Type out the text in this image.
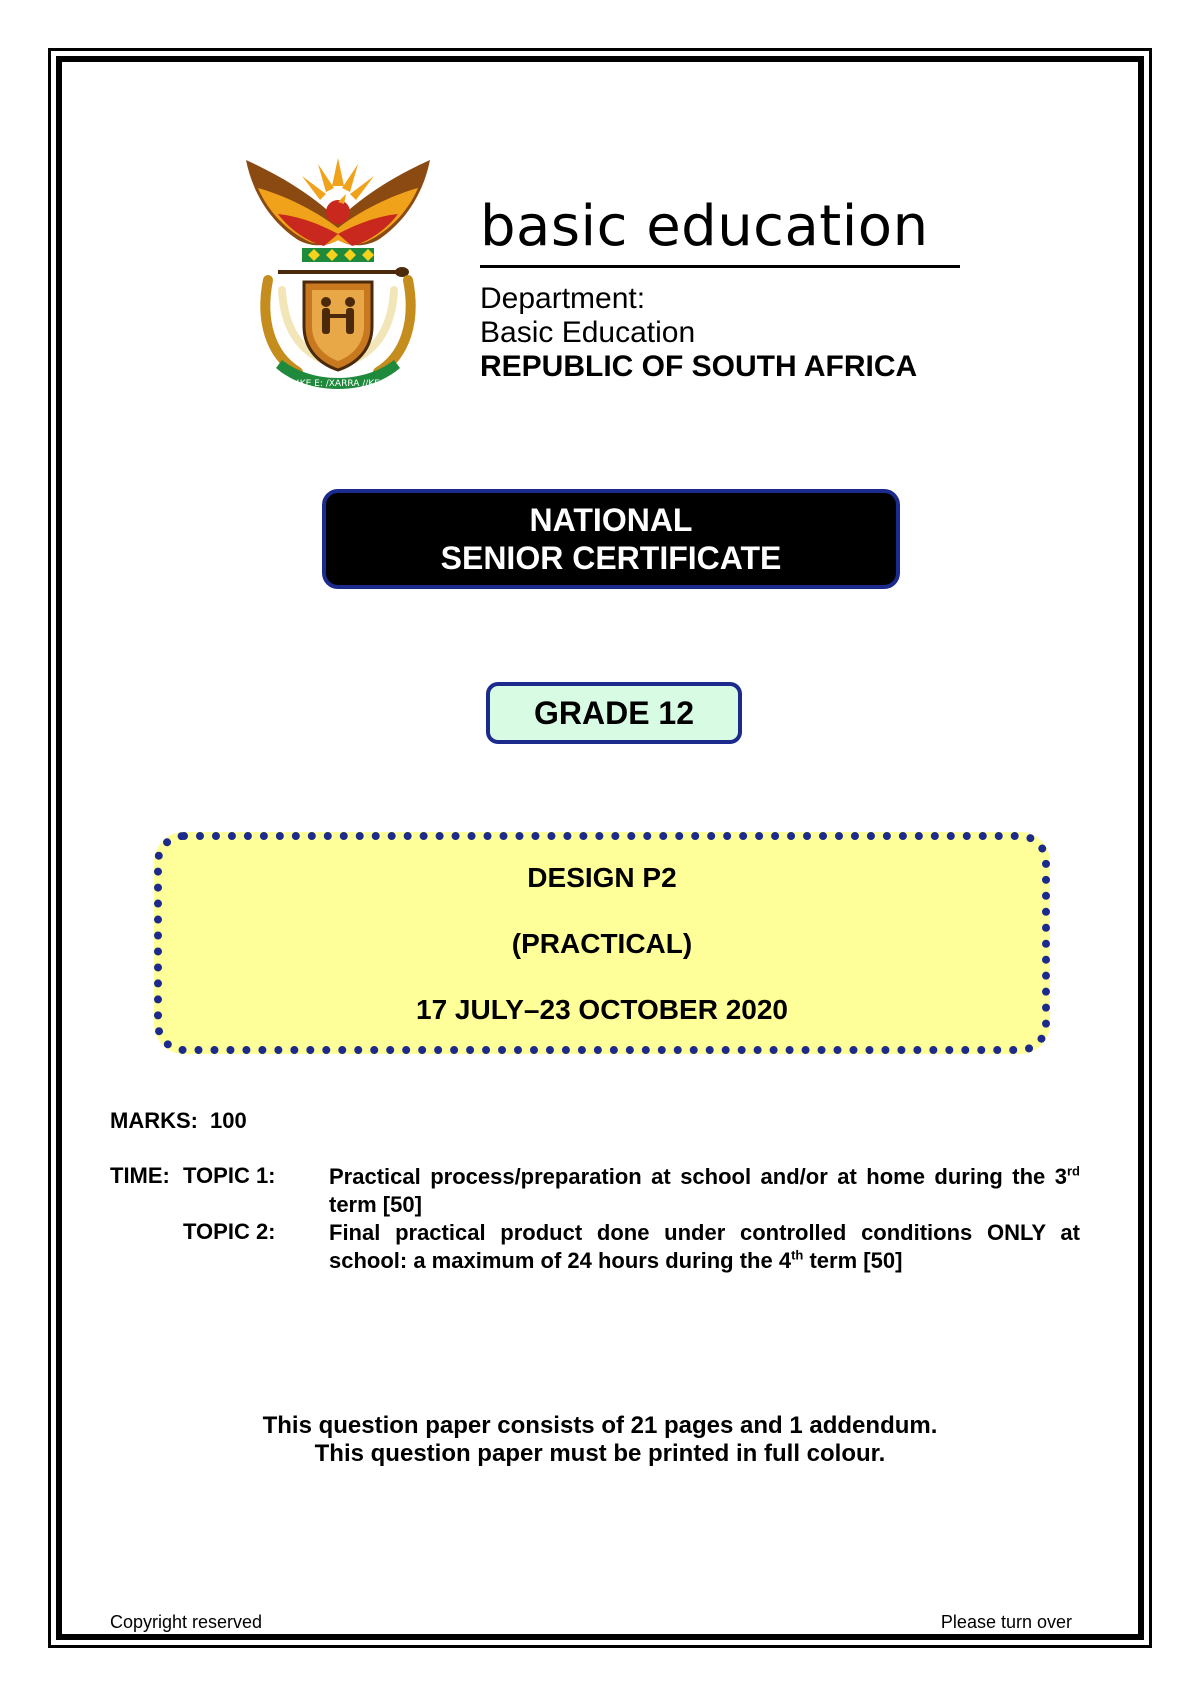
!KE E: /XARRA //KE
basic education
Department:
Basic Education
REPUBLIC OF SOUTH AFRICA
NATIONAL
SENIOR CERTIFICATE
GRADE 12
DESIGN P2
(PRACTICAL)
17 JULY–23 OCTOBER 2020
MARKS: 100
TIME: TOPIC 1: Practical process/preparation at school and/or at home during the 3rd term [50]
TOPIC 2: Final practical product done under controlled conditions ONLY at school: a maximum of 24 hours during the 4th term [50]
This question paper consists of 21 pages and 1 addendum.
This question paper must be printed in full colour.
Copyright reserved	Please turn over
